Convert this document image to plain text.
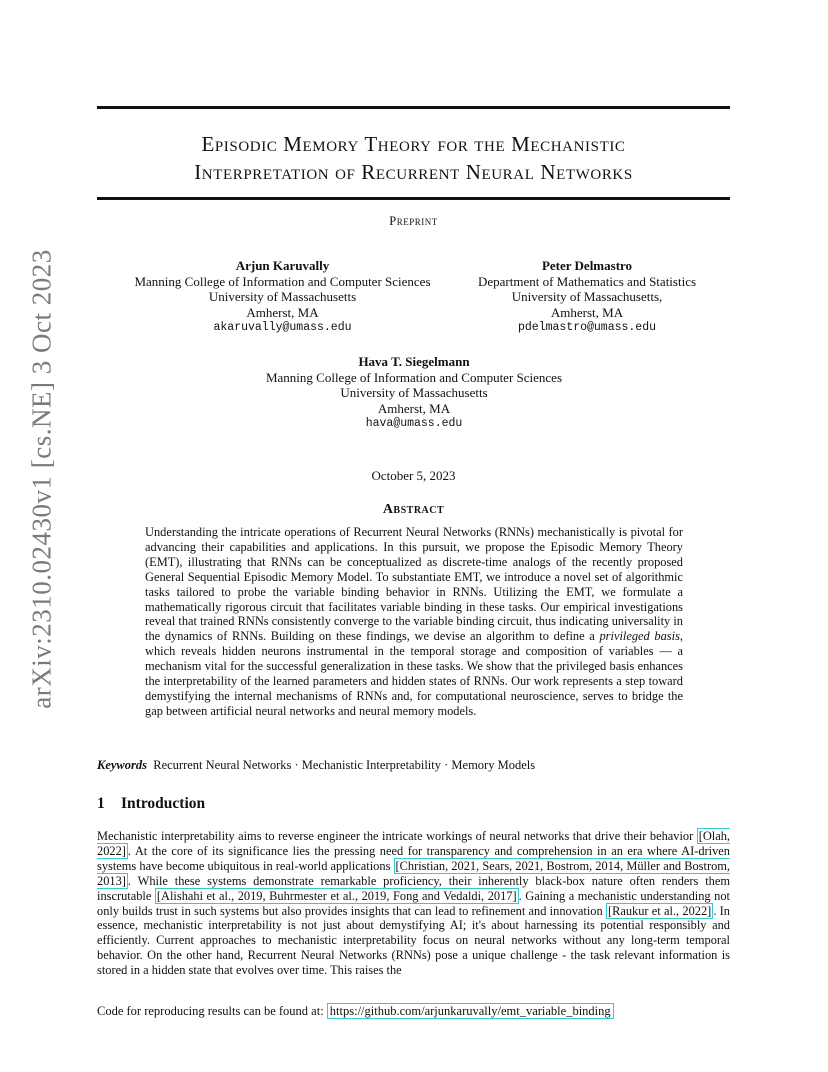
arXiv:2310.02430v1 [cs.NE] 3 Oct 2023
Episodic Memory Theory for the Mechanistic
Interpretation of Recurrent Neural Networks
Preprint
Arjun Karuvally
Manning College of Information and Computer Sciences
University of Massachusetts
Amherst, MA
akaruvally@umass.edu
Peter Delmastro
Department of Mathematics and Statistics
University of Massachusetts,
Amherst, MA
pdelmastro@umass.edu
Hava T. Siegelmann
Manning College of Information and Computer Sciences
University of Massachusetts
Amherst, MA
hava@umass.edu
October 5, 2023
Abstract
Understanding the intricate operations of Recurrent Neural Networks (RNNs) mechanistically is pivotal for advancing their capabilities and applications. In this pursuit, we propose the Episodic Memory Theory (EMT), illustrating that RNNs can be conceptualized as discrete-time analogs of the recently proposed General Sequential Episodic Memory Model. To substantiate EMT, we introduce a novel set of algorithmic tasks tailored to probe the variable binding behavior in RNNs. Utilizing the EMT, we formulate a mathematically rigorous circuit that facilitates variable binding in these tasks. Our empirical investigations reveal that trained RNNs consistently converge to the variable binding circuit, thus indicating universality in the dynamics of RNNs. Building on these findings, we devise an algorithm to define a privileged basis, which reveals hidden neurons instrumental in the temporal storage and composition of variables — a mechanism vital for the successful generalization in these tasks. We show that the privileged basis enhances the interpretability of the learned parameters and hidden states of RNNs. Our work represents a step toward demystifying the internal mechanisms of RNNs and, for computational neuroscience, serves to bridge the gap between artificial neural networks and neural memory models.
Keywords Recurrent Neural Networks · Mechanistic Interpretability · Memory Models
1 Introduction
Mechanistic interpretability aims to reverse engineer the intricate workings of neural networks that drive their behavior [Olah, 2022] . At the core of its significance lies the pressing need for transparency and comprehension in an era where AI-driven systems have become ubiquitous in real-world applications [Christian, 2021, Sears, 2021, Bostrom, 2014, Müller and Bostrom, 2013] . While these systems demonstrate remarkable proficiency, their inherently black-box nature often renders them inscrutable [Alishahi et al., 2019, Buhrmester et al., 2019, Fong and Vedaldi, 2017] . Gaining a mechanistic understanding not only builds trust in such systems but also provides insights that can lead to refinement and innovation [Raukur et al., 2022] . In essence, mechanistic interpretability is not just about demystifying AI; it's about harnessing its potential responsibly and efficiently. Current approaches to mechanistic interpretability focus on neural networks without any long-term temporal behavior. On the other hand, Recurrent Neural Networks (RNNs) pose a unique challenge - the task relevant information is stored in a hidden state that evolves over time. This raises the
Code for reproducing results can be found at: https://github.com/arjunkaruvally/emt_variable_binding
